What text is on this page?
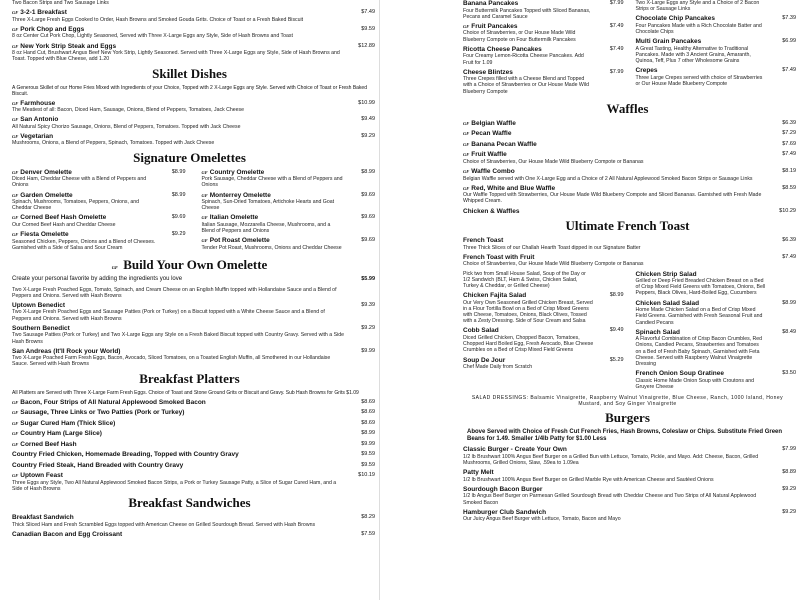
Two Bacon Strips and Two Sausage Links
GF 3-2-1 Breakfast	$7.49
Three X-Large Fresh Eggs Cooked to Order, Hash Browns and Smoked Gouda Grits. Choice of Toast or a Fresh Baked Biscuit
GF Pork Chop and Eggs	$9.59
8 oz Center Cut Pork Chop, Lightly Seasoned, Served with Three X-Large Eggs any Style, Side of Hash Browns and Toast
GF New York Strip Steak and Eggs	$12.89
8 oz Hand Cut, Brushwart Angus Beef New York Strip, Lightly Seasoned. Served with Three X-Large Eggs any Style, Side of Hash Browns and Toast. Topped with Blue Cheese, add 1.20
Skillet Dishes
A Generous Skillet of our Home Fries Mixed with Ingredients of your Choice, Topped with 2 X-Large Eggs any Style. Served with Choice of Toast or Fresh Baked Biscuit.
GF Farmhouse	$10.99
The Meatiest of all: Bacon, Diced Ham, Sausage, Onions, Blend of Peppers, Tomatoes, Jack Cheese
GF San Antonio	$9.49
All Natural Spicy Chorizo Sausage, Onions, Blend of Peppers, Tomatoes. Topped with Jack Cheese
GF Vegetarian	$9.29
Mushrooms, Onions, a Blend of Peppers, Spinach, Tomatoes. Topped with Jack Cheese
Signature Omelettes
GF Denver Omelette	$8.99
Diced Ham, Cheddar Cheese with a Blend of Peppers and Onions
GF Garden Omelette	$8.99
Spinach, Mushrooms, Tomatoes, Peppers, Onions, and Cheddar Cheese
GF Corned Beef Hash Omelette	$9.69
Our Corned Beef Hash and Cheddar Cheese
GF Fiesta Omelette	$9.29
Seasoned Chicken, Peppers, Onions and a Blend of Cheeses. Garnished with a Side of Salsa and Sour Cream
GF Country Omelette	$8.99
Pork Sausage, Cheddar Cheese with a Blend of Peppers and Onions
GF Monterrey Omelette	$9.69
Spinach, Sun-Dried Tomatoes, Artichoke Hearts and Goat Cheese
GF Italian Omelette	$9.69
Italian Sausage, Mozzarella Cheese, Mushrooms, and a Blend of Peppers and Onions
GF Pot Roast Omelette	$9.69
Tender Pot Roast, Mushrooms, Onions and Cheddar Cheese
GF Build Your Own Omelette
Create your personal favorite by adding the ingredients you love	$5.99
Two X-Large Fresh Poached Eggs, Tomato, Spinach, and Cream Cheese on an English Muffin topped with Hollandaise Sauce and a Blend of Peppers and Onions. Served with Hash Browns
Uptown Benedict	$9.39
Two X-Large Fresh Poached Eggs and Sausage Patties (Pork or Turkey) on a Biscuit topped with a White Cheese Sauce and a Blend of Peppers and Onions. Served with Hash Browns
Southern Benedict	$9.29
Two Sausage Patties (Pork or Turkey) and Two X-Large Eggs any Style on a Fresh Baked Biscuit topped with Country Gravy. Served with a Side Hash Browns
San Andreas (It'll Rock your World)	$9.99
Two X-Large Poached Farm Fresh Eggs, Bacon, Avocado, Sliced Tomatoes, on a Toasted English Muffin, all Smothered in our Hollandaise Sauce. Served with Hash Browns
Breakfast Platters
All Platters are Served with Three X-Large Farm Fresh Eggs. Choice of Toast and Stone Ground Grits or Biscuit and Gravy. Sub Hash Browns for Grits $1.09
GF Bacon, Four Strips of All Natural Applewood Smoked Bacon	$8.69
GF Sausage, Three Links or Two Patties (Pork or Turkey)	$8.69
GF Sugar Cured Ham (Thick Slice)	$8.69
GF Country Ham (Large Slice)	$8.99
GF Corned Beef Hash	$9.99
Country Fried Chicken, Homemade Breading, Topped with Country Gravy	$9.59
Country Fried Steak, Hand Breaded with Country Gravy	$9.59
GF Uptown Feast	$10.19
Three Eggs any Style, Two All Natural Applewood Smoked Bacon Strips, a Pork or Turkey Sausage Patty, a Slice of Sugar Cured Ham, and a Side of Hash Browns
Breakfast Sandwiches
Breakfast Sandwich	$8.29
Thick Sliced Ham and Fresh Scrambled Eggs topped with American Cheese on Grilled Sourdough Bread. Served with Hash Browns
Canadian Bacon and Egg Croissant	$7.59
Banana Pancakes	$7.99
Four Buttermilk Pancakes Topped with Sliced Bananas, Pecans and Caramel Sauce
GF Fruit Pancakes	$7.49
Choice of Strawberries, or Our House Made Wild Blueberry Compote on Four Buttermilk Pancakes
Ricotta Cheese Pancakes	$7.49
Four Creamy Lemon-Ricotta Cheese Pancakes. Add Fruit for 1.09
Cheese Blintzes	$7.99
Three Crepes filled with a Cheese Blend and Topped with a Choice of Strawberries or Our House Made Wild Blueberry Compote
Two X-Large Eggs any Style and a Choice of 2 Bacon Strips or Sausage Links
Chocolate Chip Pancakes	$7.39
Four Pancakes Made with a Rich Chocolate Batter and Chocolate Chips
Multi Grain Pancakes	$6.99
A Great Tasting, Healthy Alternative to Traditional Pancakes. Made with 3 Ancient Grains, Amaranth, Quinoa, Teff, Plus 7 other Wholesome Grains
Crepes	$7.49
Three Large Crepes served with choice of Strawberries or Our House Made Blueberry Compote
Waffles
GF Belgian Waffle	$6.39
GF Pecan Waffle	$7.29
GF Banana Pecan Waffle	$7.69
GF Fruit Waffle	$7.49
Choice of Strawberries, Our House Made Wild Blueberry Compote or Bananas
GF Waffle Combo	$8.19
Belgian Waffle served with One X-Large Egg and a Choice of 2 All Natural Applewood Smoked Bacon Strips or Sausage Links
GF Red, White and Blue Waffle	$8.59
Our Waffle Topped with Strawberries, Our House Made Wild Blueberry Compote and Sliced Bananas. Garnished with Fresh Made Whipped Cream.
Chicken & Waffles	$10.29
Ultimate French Toast
French Toast	$6.39
Three Thick Slices of our Challah Hearth Toast dipped in our Signature Batter
French Toast with Fruit	$7.49
Choice of Strawberries, Our House Made Wild Blueberry Compote or Bananas
Pick two from Small House Salad, Soup of the Day or 1/2 Sandwich (BLT, Ham & Swiss, Chicken Salad, Turkey & Cheddar, or Grilled Cheese)
Chicken Fajita Salad	$8.99
Our Very Own Seasoned Grilled Chicken Breast, Served in a Flour Tortilla Bowl on a Bed of Crisp Mixed Greens with Cheese, Tomatoes, Onions, Black Olives, Tossed with a Zesty Dressing. Side of Sour Cream and Salsa
Cobb Salad	$9.49
Diced Grilled Chicken, Chopped Bacon, Tomatoes, Chopped Hard Boiled Egg, Fresh Avocado, Blue Cheese Crumbles on a Bed of Crisp Mixed Field Greens
Soup De Jour	$5.29
Chef Made Daily from Scratch
Chicken Strip Salad
Grilled or Deep Fried Breaded Chicken Breast on a Bed of Crisp Mixed Field Greens with Tomatoes, Onions, Bell Peppers, Black Olives, Hard-Boiled Egg, Cucumbers
Chicken Salad Salad	$8.99
Home Made Chicken Salad on a Bed of Crisp Mixed Field Greens. Garnished with Fresh Seasonal Fruit and Candied Pecans
Spinach Salad	$8.49
A Flavorful Combination of Crisp Bacon Crumbles, Red Onions, Candied Pecans, Strawberries and Tomatoes on a Bed of Fresh Baby Spinach, Garnished with Feta Cheese. Served with Raspberry Walnut Vinaigrette Dressing
French Onion Soup Gratinee	$3.50
Classic Home Made Onion Soup with Croutons and Gruyere Cheese
SALAD DRESSINGS: Balsamic Vinaigrette, Raspberry Walnut Vinaigrette, Blue Cheese, Ranch, 1000 Island, Honey Mustard, and Soy Ginger Vinaigrette
Burgers
Above Served with Choice of Fresh Cut French Fries, Hash Browns, Coleslaw or Chips. Substitute Fried Green Beans for 1.49. Smaller 1/4lb Patty for $1.00 Less
Classic Burger - Create Your Own	$7.99
1/2 lb Brushwart 100% Angus Beef Burger on a Grilled Bun with Lettuce, Tomato, Pickle, and Mayo. Add: Cheese, Bacon, Grilled Mushrooms, Grilled Onions, Slaw, .59ea to 1.09ea
Patty Melt	$8.89
1/2 lb Brushwart 100% Angus Beef Burger on Grilled Marble Rye with American Cheese and Sautéed Onions
Sourdough Bacon Burger	$9.29
1/2 lb Angus Beef Burger on Parmesan Grilled Sourdough Bread with Cheddar Cheese and Two Strips of All Natural Applewood Smoked Bacon
Hamburger Club Sandwich	$9.29
Our Juicy Angus Beef Burger with Lettuce, Tomato, Bacon and Mayo
